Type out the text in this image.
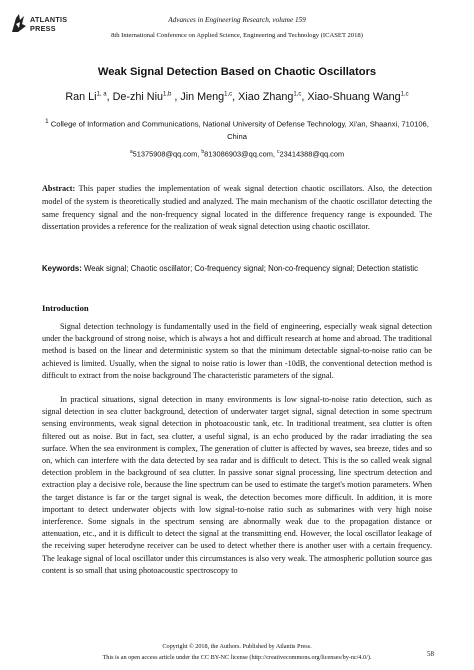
ATLANTIS
PRESS
Advances in Engineering Research, volume 159
8th International Conference on Applied Science, Engineering and Technology (ICASET 2018)
Weak Signal Detection Based on Chaotic Oscillators
Ran Li$^{1, a}$, De-zhi Niu$^{1,b}$ , Jin Meng$^{1,c}$, Xiao Zhang$^{1,c}$, Xiao-Shuang Wang$^{1,c}$
$^1$ College of Information and Communications, National University of Defense Technology, Xi'an, Shaanxi, 710106, China
$^a$51375908@qq.com, $^b$813086903@qq.com, $^c$23414388@qq.com

Abstract: This paper studies the implementation of weak signal detection chaotic oscillators. Also, the detection model of the system is theoretically studied and analyzed. The main mechanism of the chaotic oscillator detecting the same frequency signal and the non-frequency signal located in the difference frequency range is expounded. The dissertation provides a reference for the realization of weak signal detection using chaotic oscillator.

Keywords: Weak signal; Chaotic oscillator; Co-frequency signal; Non-co-frequency signal; Detection statistic

Introduction

Signal detection technology is fundamentally used in the field of engineering, especially weak signal detection under the background of strong noise, which is always a hot and difficult research at home and abroad. The traditional method is based on the linear and deterministic system so that the minimum detectable signal-to-noise ratio can be achieved is limited. Usually, when the signal to noise ratio is lower than -10dB, the conventional detection method is difficult to extract from the noise background The characteristic parameters of the signal.

In practical situations, signal detection in many environments is low signal-to-noise ratio detection, such as signal detection in sea clutter background, detection of underwater target signal, signal detection in some spectrum sensing environments, weak signal detection in photoacoustic tank, etc. In traditional treatment, sea clutter is often filtered out as noise. But in fact, sea clutter, a useful signal, is an echo produced by the radar irradiating the sea surface. When the sea environment is complex, The generation of clutter is affected by waves, sea breeze, tides and so on, which can interfere with the data detected by sea radar and is difficult to detect. This is the so called weak signal detection problem in the background of sea clutter. In passive sonar signal processing, line spectrum detection and extraction play a decisive role, because the line spectrum can be used to estimate the target's motion parameters. When the target distance is far or the target signal is weak, the detection becomes more difficult. In addition, it is more important to detect underwater objects with low signal-to-noise ratio such as submarines with very high noise interference. Some signals in the spectrum sensing are abnormally weak due to the propagation distance or attenuation, etc., and it is difficult to detect the signal at the transmitting end. However, the local oscillator leakage of the receiving super heterodyne receiver can be used to detect whether there is another user with a certain frequency. The leakage signal of local oscillator under this circumstances is also very weak. The atmospheric pollution source gas content is so small that using photoacoustic spectroscopy to

Copyright © 2018, the Authors. Published by Atlantis Press.
This is an open access article under the CC BY-NC license (http://creativecommons.org/licenses/by-nc/4.0/).	58
